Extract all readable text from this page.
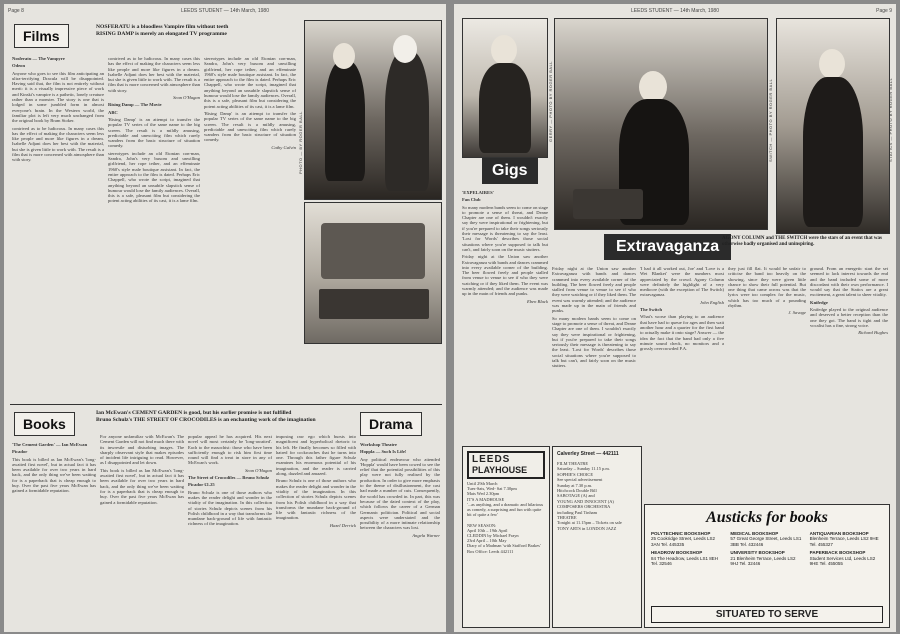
Page 8	LEEDS STUDENT — 14th March, 1980
Films
NOSFERATU is a bloodless Vampire film without teeth
RISING DAMP is merely an elongated TV programme

Nosferatu — The Vampyre

Odeon

Anyone who goes to see this film anticipating an ultra-terrifying Dracula will be disappointed. Having said that, the film is not entirely without merit: it is a visually impressive piece of work and Kinski's vampire is a pathetic, lonely creature rather than a monster. The story is one that is lodged in some jumbled form in almost everyone's brain. In the Western world, the familiar plot is left very much unchanged from the original book by Bram Stoker.

contrived as to be ludicrous. In many cases this has the effect of making the characters seem less like people and more like figures in a dream. Isabelle Adjani does her best with the material, but she is given little to work with. The result is a film that is more concerned with atmosphere than with story.

contrived as to be ludicrous. In many cases this has the effect of making the characters seem less like people and more like figures in a dream. Isabelle Adjani does her best with the material, but she is given little to work with. The result is a film that is more concerned with atmosphere than with story.

Sean O'Hagan

Rising Damp — The Movie

ABC

'Rising Damp' is an attempt to transfer the popular TV series of the same name to the big screen. The result is a mildly amusing, predictable and unexciting film which rarely wanders from the basic structure of situation comedy.

stereotypes include an old Etonian con-man, Sandra, John's very buxom and unwilling girlfriend, her rope tether, and an effeminate 1960's style male boutique assistant. In fact, the entire approach to the film is dated. Perhaps Eric Chappell, who wrote the script, imagined that anything beyond an unsubtle slapstick sense of humour would lose the family audiences. Overall, this is a safe, pleasant film but considering the potent acting abilities of its cast, it is a lame film.

stereotypes include an old Etonian con-man, Sandra, John's very buxom and unwilling girlfriend, her rope tether, and an effeminate 1960's style male boutique assistant. In fact, the entire approach to the film is dated. Perhaps Eric Chappell, who wrote the script, imagined that anything beyond an unsubtle slapstick sense of humour would lose the family audiences. Overall, this is a safe, pleasant film but considering the potent acting abilities of its cast, it is a lame film.

'Rising Damp' is an attempt to transfer the popular TV series of the same name to the big screen. The result is a mildly amusing, predictable and unexciting film which rarely wanders from the basic structure of situation comedy.

Cathy Galvin PHOTO — BY ROGER BALL
Books
Ian McEwan's CEMENT GARDEN is good, but his earlier promise is not fulfilled
Bruno Schulz's THE STREET OF CROCODILES is an enchanting work of the imagination

'The Cement Garden' — Ian McEwan

Picador

This book is billed as Ian McEwan's 'long-awaited first novel', but in actual fact it has been available for over two years in hard back, and the only thing we've been waiting for is a paperback that is cheap enough to buy. Over the past five years McEwan has gained a formidable reputation.

For anyone unfamiliar with McEwan's The Cement Garden will not find much there with its inwrestle and disturbing images. The sharply observant style that makes episodes of incident life intriguing to read. However, as I disappointed and let down.

This book is billed as Ian McEwan's 'long-awaited first novel', but in actual fact it has been available for over two years in hard back, and the only thing we've been waiting for is a paperback that is cheap enough to buy. Over the past five years McEwan has gained a formidable reputation.

popular appeal he has acquired. His next novel will most certainly be 'long-awaited'. Each to the masochist: those who have been sufficiently enough to risk him first time round will find a treat in store in any of McEwan's work.

Sean O'Hagan

The Street of Crocodiles — Bruno Schulz

Picador £1.25

Bruno Schulz is one of those authors who makes the reader delight and wonder in the vitality of the imagination. In this collection of stories Schulz depicts scenes from his Polish childhood in a way that transforms the mundane back-ground of life with fantastic richness of the imagination.

imposing raw ego which bursts into magnificent and hyperbolical rhetoric to his left. He finally becomes so filled with hatred for cockroaches that he turns into one. Through this father figure Schulz examines his enormous potential of his imagination, and the reader is carried along, dazzled and amazed.

Bruno Schulz is one of those authors who makes the reader delight and wonder in the vitality of the imagination. In this collection of stories Schulz depicts scenes from his Polish childhood in a way that transforms the mundane back-ground of life with fantastic richness of the imagination.

Hazel Derrick

Drama

Workshop Theatre

Hoppla — Such Is Life!

Any political endeavour who attended 'Hoppla' would have been cowed to see the relief that the potential possibilities of this play were not fully realised by the production. In order to give more emphasis to the theme of disillusionment, the cast had made a number of cuts. Consequently, the world has crowded in. In part, this was because of the dated context of the play, which follows the career of a German Germanic politician. Political and social aspects were understated and the possibility of a more intimate relationship between the characters was lost.

Angela Warner

Page 9
LEEDS STUDENT — 14th March, 1980
GERRY — PHOTO BY ROGER BALL	SWITCH — PHOTO BY ROGER BALL	STATICS — PHOTO BY ROGER BALL
Gigs

'EXPELAIRES'

Fan Club

So many modern bands seem to come on stage to promote a sense of threat, and Deane Chapter are one of them. I wouldn't exactly say they were inspirational or frightening, but if you're prepared to take their songs seriously their message is threatening to say the least. 'Lost for Words' describes those social situations where you're supposed to talk but can't, and fairly soon on the music stutters.

Friday night at the Union saw another Extravaganza with bands and dances crammed into every available corner of the building. The beer flowed freely and people stalled from venue to venue to see if who they were watching or if they liked them. The event was warmly attended; and the audience was made up in the main of friends and punks.

Eben Black

Extravaganza AGONY COLUMN and THE SWITCH were the stars of an event that was otherwise badly organised and uninspiring.

Friday night at the Union saw another Extravaganza with bands and dances crammed into every available corner of the building. The beer flowed freely and people stalled from venue to venue to see if who they were watching or if they liked them. The event was warmly attended; and the audience was made up in the main of friends and punks.

So many modern bands seem to come on stage to promote a sense of threat, and Deane Chapter are one of them. I wouldn't exactly say they were inspirational or frightening, but if you're prepared to take their songs seriously their message is threatening to say the least. 'Lost for Words' describes those social situations where you're supposed to talk but can't, and fairly soon on the music stutters.

'I had it all worked out, Joe' and 'Love is a Wet Blanket' were the numbers most appreciated by the crowd. Agony Column were definitely the highlight of a very mediocre (with the exception of The Switch) extravaganza.

John English

The Switch

What's worse than playing to an audience that have had to queue for ages and then wait another hour and a quarter for the first band to actually make it onto stage? Answer — the idea the fact that the band had only a five minute sound check, no monitors and a grossly overcrowded P.A.

they just fill flat. It would be unfair to criticise the band too heavily on the showing, since they were given little chance to show their full potential. But one thing that came across was that the lyrics were too complex for the music, which has too much of a pounding rhythm.

J. Savage

ground. From an energetic start the set seemed to lack interest towards the end and the band included some of more discordant with their own performance. I would say that the Statics are a great excitement, a great talent to sheer vitality.

Knifedge

Knifedge played to the original audience and deserved a better reception than the one they got. The band is tight and the vocalist has a fine, strong voice.

Richard Hughes

LEEDS
PLAYHOUSE
Until 29th March
Tues-Sats, Wed- Sat 7.30pm
Mats Wed 2.30pm
IT'S A MADHOUSE
'...as anything, and a dramatic and hilarious as comedy, a surprising and fun with quite bit of quite a few'

NEW SEASON:
April 10th – 19th April
CLEDDIN by Michael Frayn
23rd April – 10th May
Diary of a Madman 'with Stafford Brakes'
Box Office: Leeds 442111
Calverley Street — 442111
FILM THEATRE
Saturday – Sunday 11.15 p.m.
SOPHIE'S CHOICE
See special advertisement
Sunday at 7.30 p.m.
Hitchcock Double Bill
SABOTAGE (A) and
YOUNG AND INNOCENT (A)
COMPOSERS ORCHESTRA
including Paul Tinham
THEATRE
Tonight at 11.15pm – Tickets on sale
TONY ARTS in LONDON JAZZ
Austicks for books
POLYTECHNIC BOOKSHOP
25 Cookridge Street, Leeds LS2 3AN Tel. 445335
MEDICAL BOOKSHOP
57 Great George Street, Leeds LS1 3BB Tel. 432446
ANTIQUARIAN BOOKSHOP
Blenheim Terrace, Leeds LS2 9HE Tel. 455327
HEADROW BOOKSHOP
84 The Headrow, Leeds LS1 8EH Tel. 32546
UNIVERSITY BOOKSHOP
21 Blenheim Terrace, Leeds LS2 9HJ Tel. 32446
PAPERBACK BOOKSHOP
Student Services Ltd, Leeds LS2 9HE Tel. 455055
SITUATED TO SERVE
